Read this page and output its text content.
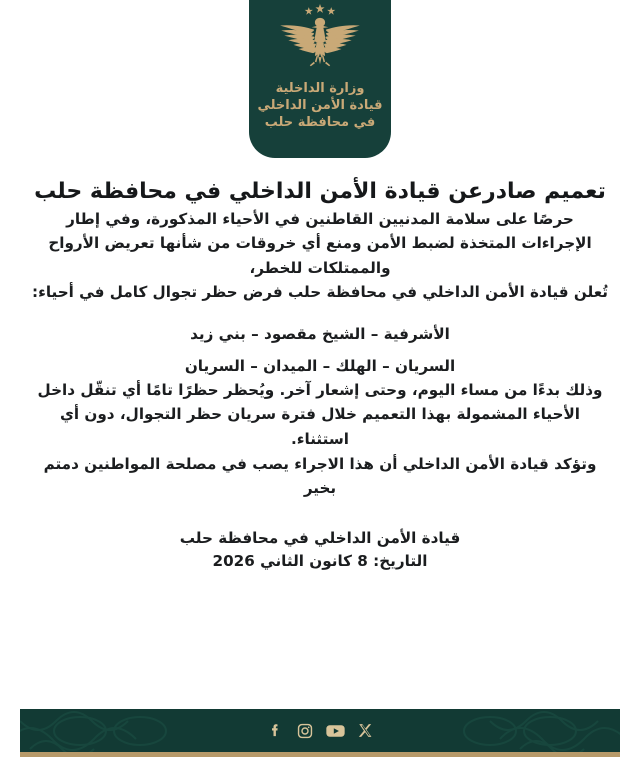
وزارة الداخلية
قيادة الأمن الداخلي
في محافظة حلب
تعميم صادرعن قيادة الأمن الداخلي في محافظة حلب

حرصًا على سلامة المدنيين القاطنين في الأحياء المذكورة، وفي إطار الإجراءات المتخذة لضبط الأمن ومنع أي خروقات من شأنها تعريض الأرواح والممتلكات للخطر،

تُعلن قيادة الأمن الداخلي في محافظة حلب فرض حظر تجوال كامل في أحياء:

الأشرفية – الشيخ مقصود – بني زيد
السريان – الهلك – الميدان – السريان

وذلك بدءًا من مساء اليوم، وحتى إشعار آخر. ويُحظر حظرًا تامًا أي تنقّل داخل الأحياء المشمولة بهذا التعميم خلال فترة سريان حظر التجوال، دون أي استثناء.

وتؤكد قيادة الأمن الداخلي أن هذا الاجراء يصب في مصلحة المواطنين دمتم بخير

قيادة الأمن الداخلي في محافظة حلب
التاريخ: 8 كانون الثاني 2026
